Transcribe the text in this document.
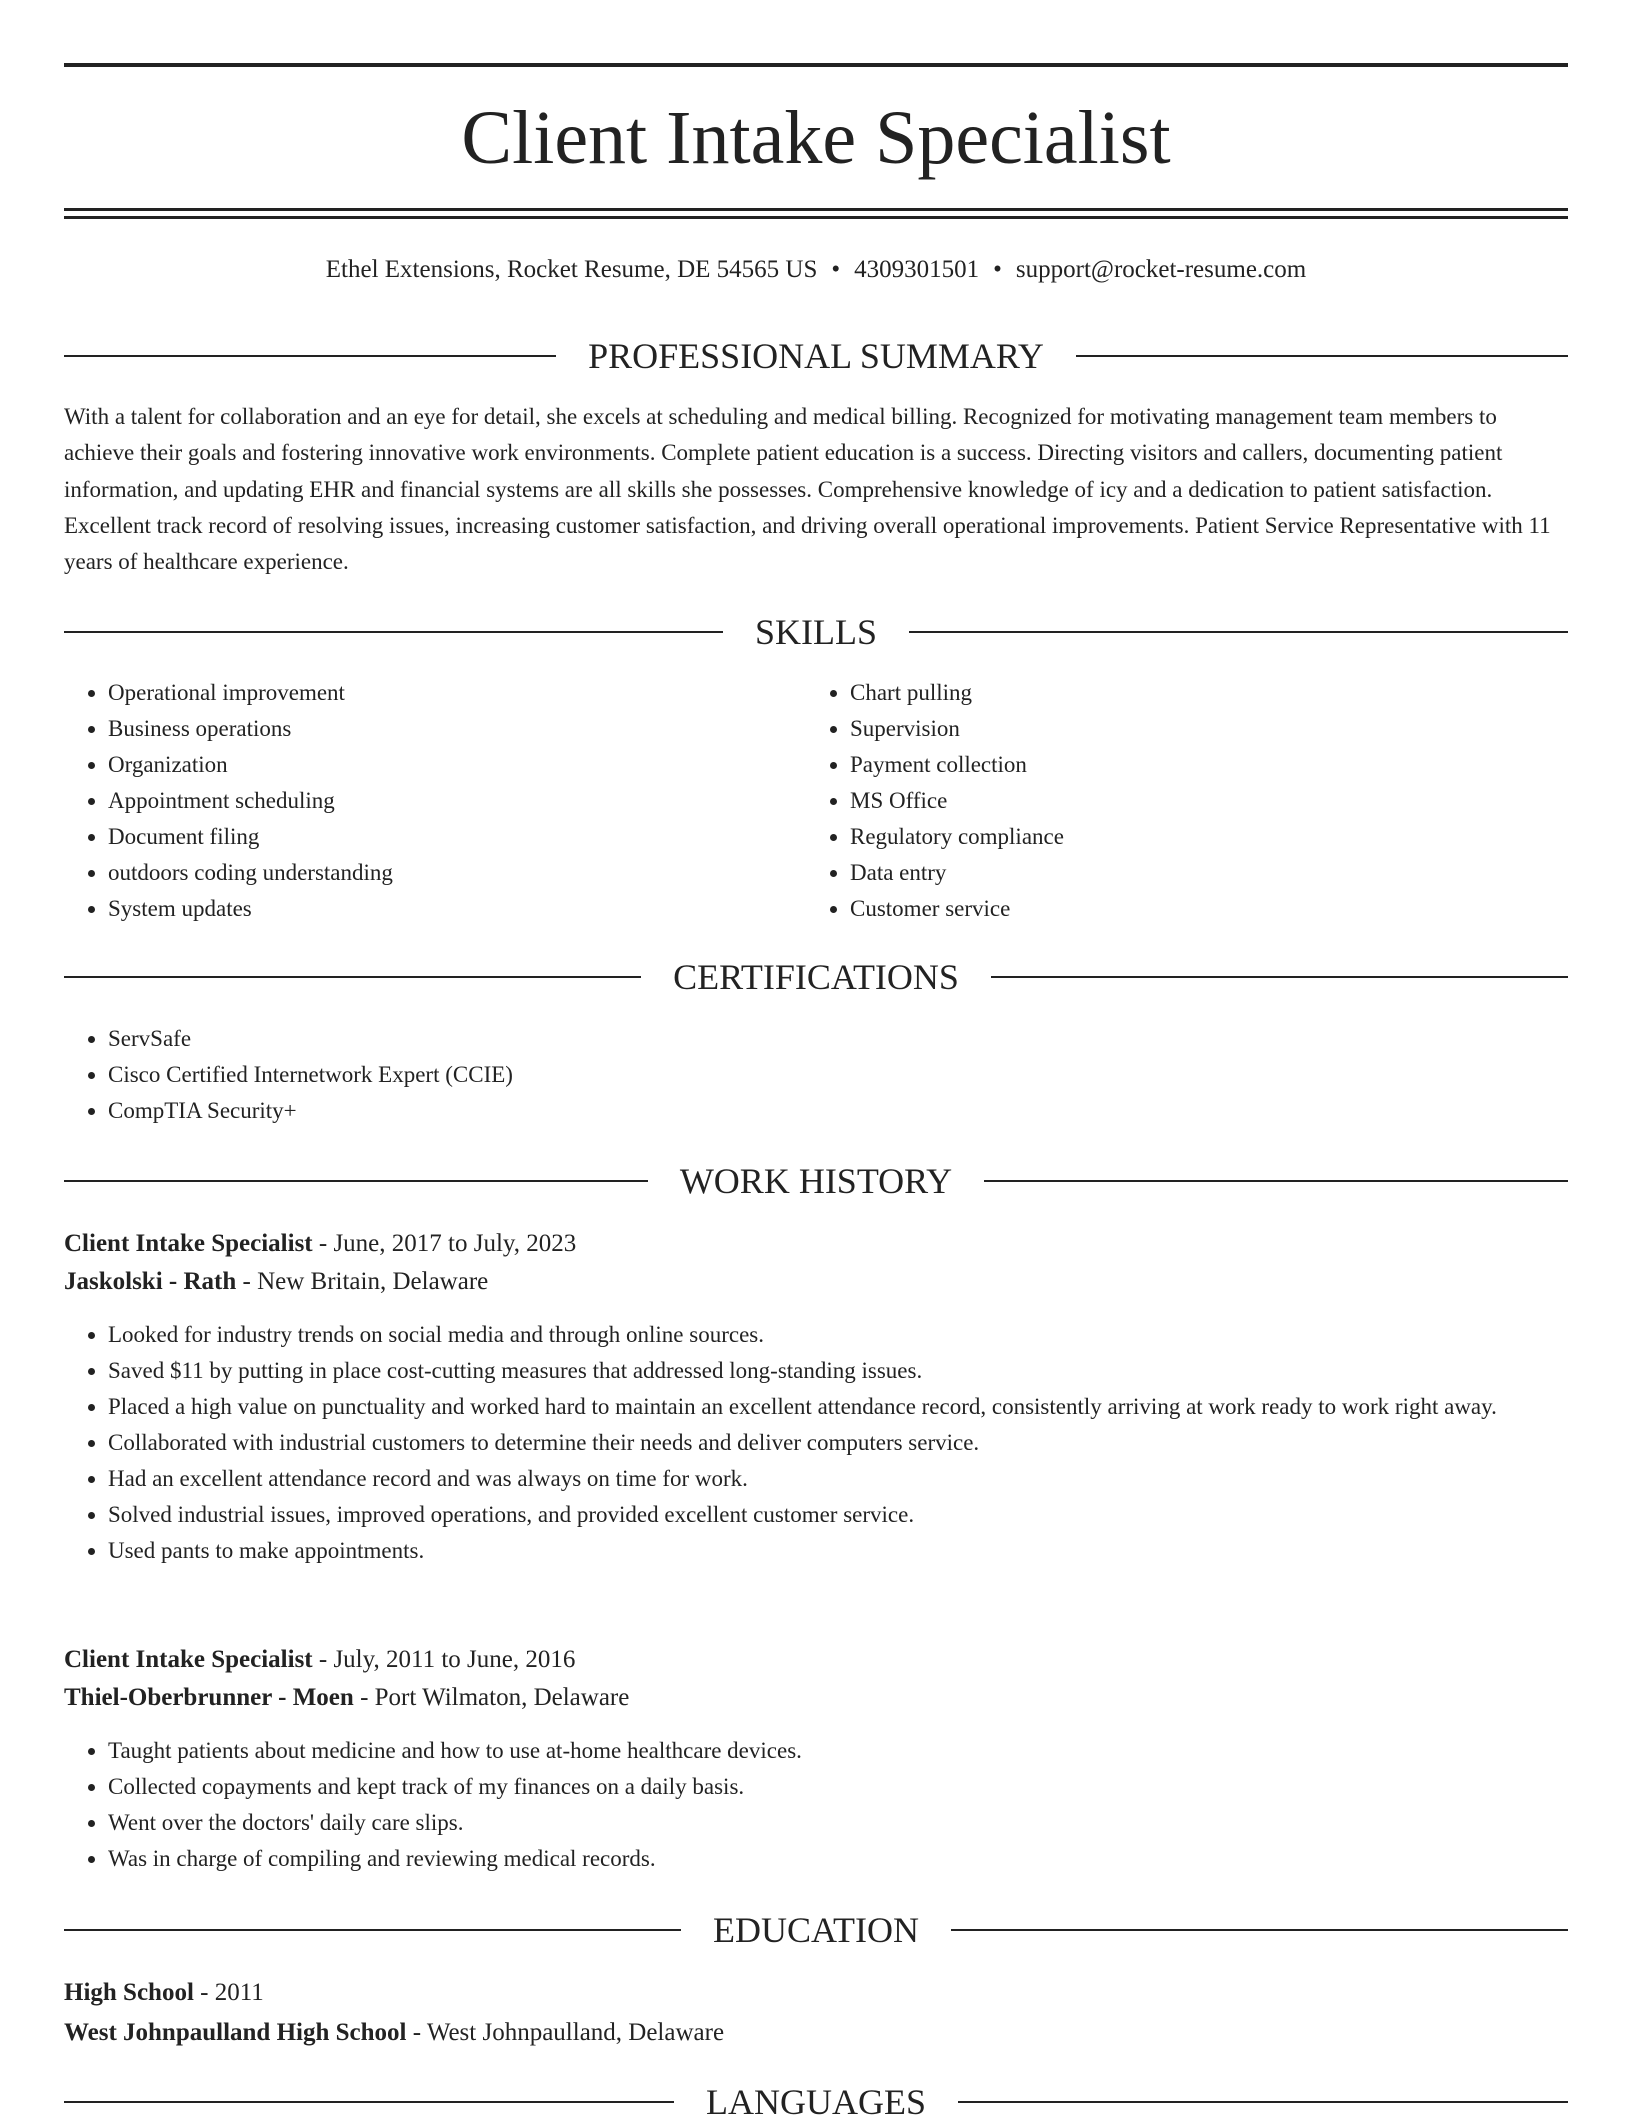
Client Intake Specialist
Ethel Extensions, Rocket Resume, DE 54565 US • 4309301501 • support@rocket-resume.com
PROFESSIONAL SUMMARY

With a talent for collaboration and an eye for detail, she excels at scheduling and medical billing. Recognized for motivating management team members to achieve their goals and fostering innovative work environments. Complete patient education is a success. Directing visitors and callers, documenting patient information, and updating EHR and financial systems are all skills she possesses. Comprehensive knowledge of icy and a dedication to patient satisfaction. Excellent track record of resolving issues, increasing customer satisfaction, and driving overall operational improvements. Patient Service Representative with 11 years of healthcare experience.

SKILLS
• Operational improvement
• Business operations
• Organization
• Appointment scheduling
• Document filing
• outdoors coding understanding
• System updates
• Chart pulling
• Supervision
• Payment collection
• MS Office
• Regulatory compliance
• Data entry
• Customer service
CERTIFICATIONS
• ServSafe
• Cisco Certified Internetwork Expert (CCIE)
• CompTIA Security+
WORK HISTORY

Client Intake Specialist - June, 2017 to July, 2023

Jaskolski - Rath - New Britain, Delaware

• Looked for industry trends on social media and through online sources.
• Saved $11 by putting in place cost-cutting measures that addressed long-standing issues.
• Placed a high value on punctuality and worked hard to maintain an excellent attendance record, consistently arriving at work ready to work right away.
• Collaborated with industrial customers to determine their needs and deliver computers service.
• Had an excellent attendance record and was always on time for work.
• Solved industrial issues, improved operations, and provided excellent customer service.
• Used pants to make appointments.

Client Intake Specialist - July, 2011 to June, 2016

Thiel-Oberbrunner - Moen - Port Wilmaton, Delaware

• Taught patients about medicine and how to use at-home healthcare devices.
• Collected copayments and kept track of my finances on a daily basis.
• Went over the doctors' daily care slips.
• Was in charge of compiling and reviewing medical records.
EDUCATION

High School - 2011

West Johnpaulland High School - West Johnpaulland, Delaware

LANGUAGES
